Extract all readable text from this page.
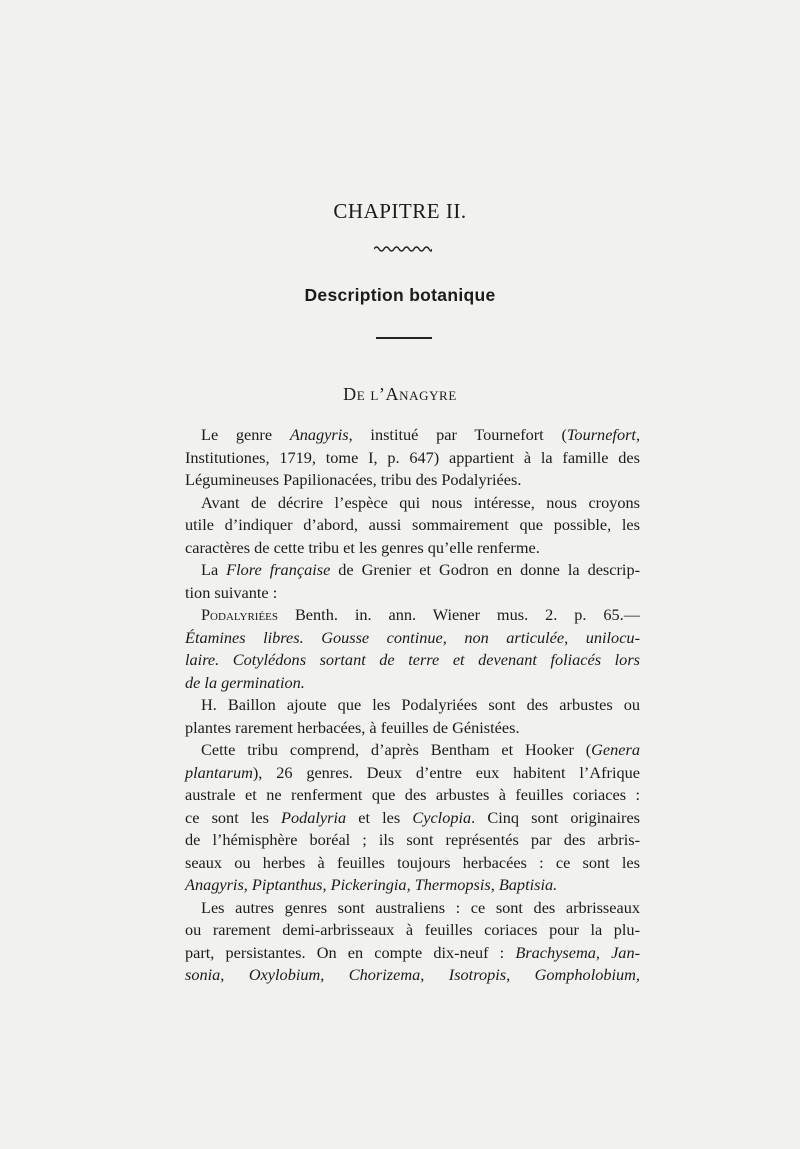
CHAPITRE II.
Description botanique
De l’Anagyre
Le genre Anagyris, institué par Tournefort (Tournefort,
Institutiones, 1719, tome I, p. 647) appartient à la famille des
Légumineuses Papilionacées, tribu des Podalyriées.
Avant de décrire l’espèce qui nous intéresse, nous croyons
utile d’indiquer d’abord, aussi sommairement que possible, les
caractères de cette tribu et les genres qu’elle renferme.
La Flore française de Grenier et Godron en donne la descrip-
tion suivante :
Podalyriées Benth. in. ann. Wiener mus. 2. p. 65.—
Étamines libres. Gousse continue, non articulée, unilocu-
laire. Cotylédons sortant de terre et devenant foliacés lors
de la germination.
H. Baillon ajoute que les Podalyriées sont des arbustes ou
plantes rarement herbacées, à feuilles de Génistées.
Cette tribu comprend, d’après Bentham et Hooker (Genera
plantarum), 26 genres. Deux d’entre eux habitent l’Afrique
australe et ne renferment que des arbustes à feuilles coriaces :
ce sont les Podalyria et les Cyclopia. Cinq sont originaires
de l’hémisphère boréal ; ils sont représentés par des arbris-
seaux ou herbes à feuilles toujours herbacées : ce sont les
Anagyris, Piptanthus, Pickeringia, Thermopsis, Baptisia.
Les autres genres sont australiens : ce sont des arbrisseaux
ou rarement demi-arbrisseaux à feuilles coriaces pour la plu-
part, persistantes. On en compte dix-neuf : Brachysema, Jan-
sonia, Oxylobium, Chorizema, Isotropis, Gompholobium,
